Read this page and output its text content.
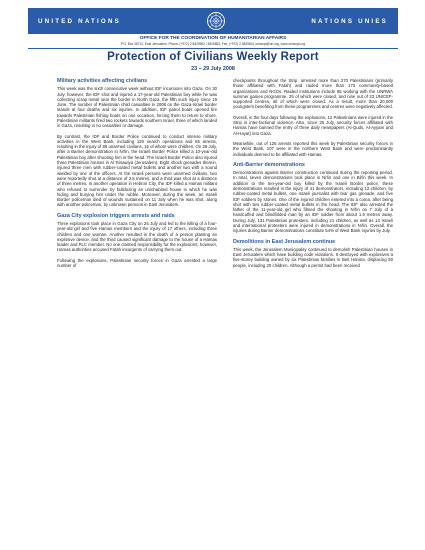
UNITED NATIONS	NATIONS UNIES
OFFICE FOR THE COORDINATION OF HUMANITARIAN AFFAIRS
P.O. Box 38712, East Jerusalem, Phone: (+972) 2-5829962 / 5825853, Fax: (+972) 2-5825841 ochaopt@un.org, www.ochaopt.org
Protection of Civilians Weekly Report
23 – 29 July 2008
Military activities affecting civilians

This week was the sixth consecutive week without IDF incursions into Gaza. On 30 July, however, the IDF shot and injured a 17-year-old Palestinian boy while he was collecting scrap metal near the border in North Gaza, the fifth such injury since 19 June. The number of Palestinian child casualties in 2008 on the Gaza-Israel border stands at four deaths and six injuries. In addition, IDF patrol boats opened fire towards Palestinian fishing boats on one occasion, forcing them to return to shore. Palestinian militants fired two rockets towards southern Israel, three of which landed in Gaza, resulting in no casualties or damage.

By contrast, the IDF and Border Police continued to conduct intense military activities in the West Bank, including 120 search operations and 55 arrests, resulting in the injury of 85 unarmed civilians, 15 of whom were children. On 29 July, after a Barrier demonstration in Ni'lin, the Israeli Border Police killed a 10-year-old Palestinian boy after shooting him in the head. The Israeli Border Police also injured three Palestinian houses in Al 'Eisawiya (Jerusalem). Eight shock grenades therein, injured three men with rubber-coated metal bullets and another two with a sound wielded by one of the officers. At the Israeli persons were unarmed civilians, two were reportedly shot at a distance of 3.5 metres, and a third was shot at a distance of three metres. In another operation in Hebron City, the IDF killed a Hamas militant who refused to surrender by bulldozing an uninhabited house in which he was hiding and burying him under the rubble. Moreover, during the week, an Israeli Border policeman died of wounds sustained on 11 July when he was shot, along with another policeman, by unknown persons in East Jerusalem.

Gaza City explosion triggers arrests and raids

Three explosions took place in Gaza City on 25 July and led to the killing of a four-year-old girl and five Hamas members and the injury of 17 others, including three children and one woman. Another resulted in the death of a person planting an explosive device, and the third caused significant damage to the house of a Hamas leader and PLC member. No one claimed responsibility for the explosions; however, Hamas authorities accused Fatah insurgents of carrying them out.

Following the explosions, Palestinian security forces in Gaza arrested a large number of

checkpoints throughout the Strip, arrested more than 370 Palestinians (primarily those affiliated with Fatah) and raided more than 170 community-based organizations and NGOs. Raided institutions include 85 working with the UNRWA summer games programme, 25 of which were closed, and nine out of 23 UNICEF-supported centres, all of which were closed. As a result, more than 20,000 youngsters benefiting from these programmes and centres were negatively affected.

Overall, in the four days following the explosions, 12 Palestinians were injured in the Strip in inter-factional violence. Also, since 25 July, security forces affiliated with Hamas have banned the entry of three daily newspapers (Al-Quds, Al-Ayyam and Al-Hayat) into Gaza.

Meanwhile, out of 125 arrests reported this week by Palestinian security forces in the West Bank, 107 were in the northern West Bank and were predominantly individuals deemed to be affiliated with Hamas.

Anti-Barrier demonstrations

Demonstrations against Barrier construction continued during the reporting period. In total, seven demonstrations took place in Ni'lin and one in Bil'in this week. In addition to the ten-year-old boy killed by the Israeli Border police, these demonstrations resulted in the injury of 41 demonstrators, including 12 children, by rubber-coated metal bullets, one Israeli journalist with tear gas grenade, and five IDF soldiers by stones. One of the injured children entered into a coma, after being shot with two rubber-coated metal bullets in the head. The IDF also arrested the father of the 11-year-old girl who filmed the shooting in Ni'lin on 7 July of a handcuffed and blindfolded man by an IDF soldier from about 1.5 metres away. During July, 131 Palestinian protesters, including 21 children, as well as 13 Israeli and international protesters were injured in demonstrations in Ni'lin. Overall, the injuries during Barrier demonstrations constitute 54% of West Bank injuries by July.

Demolitions in East Jerusalem continue

This week, the Jerusalem Municipality continued to demolish Palestinian houses in East Jerusalem which have building code violations. It destroyed with explosives a five-storey building owned by six Palestinian families in Beit Hanina, displacing 50 people, including 20 children. Although a permit had been received
